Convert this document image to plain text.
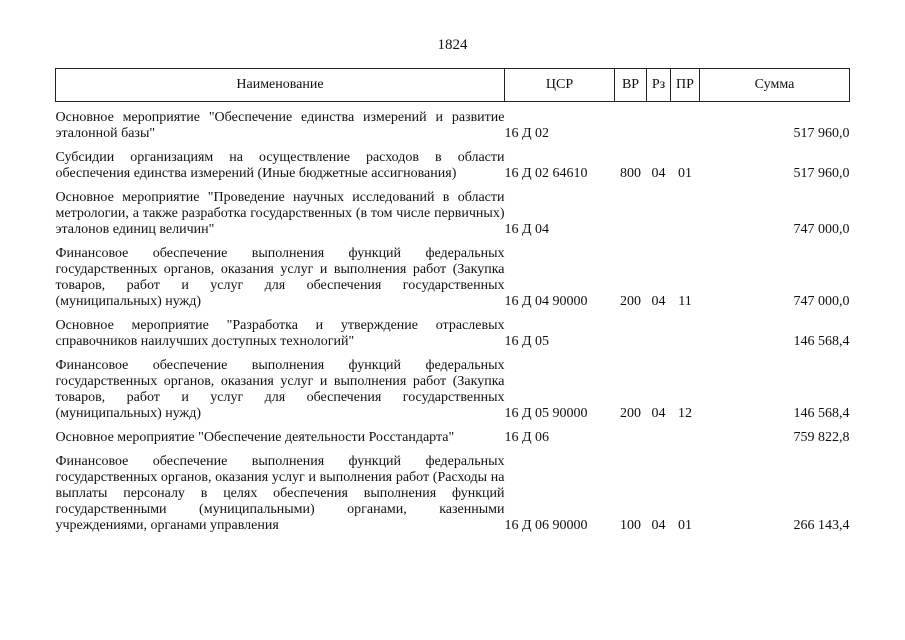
1824
Наименование	ЦСР	ВР	Рз	ПР	Сумма

Основное мероприятие "Обеспечение единства измерений и развитие эталонной базы"	16 Д 02				517 960,0

Субсидии организациям на осуществление расходов в области обеспечения единства измерений (Иные бюджетные ассигнования)	16 Д 02 64610	800	04	01	517 960,0

Основное мероприятие "Проведение научных исследований в области метрологии, а также разработка государственных (в том числе первичных) эталонов единиц величин"	16 Д 04				747 000,0

Финансовое обеспечение выполнения функций федеральных государственных органов, оказания услуг и выполнения работ (Закупка товаров, работ и услуг для обеспечения государственных (муниципальных) нужд)	16 Д 04 90000	200	04	11	747 000,0

Основное мероприятие "Разработка и утверждение отраслевых справочников наилучших доступных технологий"	16 Д 05				146 568,4

Финансовое обеспечение выполнения функций федеральных государственных органов, оказания услуг и выполнения работ (Закупка товаров, работ и услуг для обеспечения государственных (муниципальных) нужд)	16 Д 05 90000	200	04	12	146 568,4

Основное мероприятие "Обеспечение деятельности Росстандарта"	16 Д 06				759 822,8

Финансовое обеспечение выполнения функций федеральных государственных органов, оказания услуг и выполнения работ (Расходы на выплаты персоналу в целях обеспечения выполнения функций государственными (муниципальными) органами, казенными учреждениями, органами управления	16 Д 06 90000	100	04	01	266 143,4
